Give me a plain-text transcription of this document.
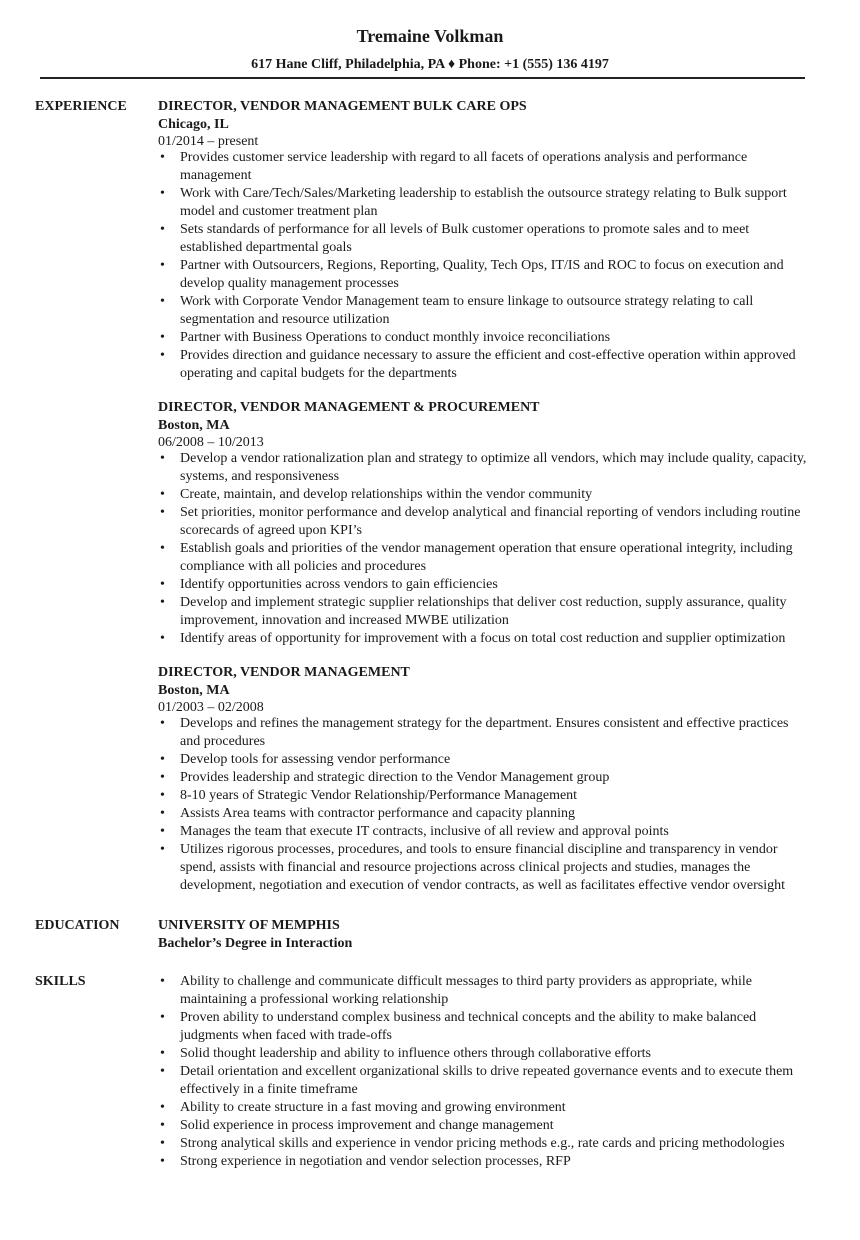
Tremaine Volkman
617 Hane Cliff, Philadelphia, PA ♦ Phone: +1 (555) 136 4197
EXPERIENCE DIRECTOR, VENDOR MANAGEMENT BULK CARE OPS
Chicago, IL
01/2014 – present
• Provides customer service leadership with regard to all facets of operations analysis and performance management
• Work with Care/Tech/Sales/Marketing leadership to establish the outsource strategy relating to Bulk support model and customer treatment plan
• Sets standards of performance for all levels of Bulk customer operations to promote sales and to meet established departmental goals
• Partner with Outsourcers, Regions, Reporting, Quality, Tech Ops, IT/IS and ROC to focus on execution and develop quality management processes
• Work with Corporate Vendor Management team to ensure linkage to outsource strategy relating to call segmentation and resource utilization
• Partner with Business Operations to conduct monthly invoice reconciliations
• Provides direction and guidance necessary to assure the efficient and cost-effective operation within approved operating and capital budgets for the departments
DIRECTOR, VENDOR MANAGEMENT & PROCUREMENT
Boston, MA
06/2008 – 10/2013
• Develop a vendor rationalization plan and strategy to optimize all vendors, which may include quality, capacity, systems, and responsiveness
• Create, maintain, and develop relationships within the vendor community
• Set priorities, monitor performance and develop analytical and financial reporting of vendors including routine scorecards of agreed upon KPI’s
• Establish goals and priorities of the vendor management operation that ensure operational integrity, including compliance with all policies and procedures
• Identify opportunities across vendors to gain efficiencies
• Develop and implement strategic supplier relationships that deliver cost reduction, supply assurance, quality improvement, innovation and increased MWBE utilization
• Identify areas of opportunity for improvement with a focus on total cost reduction and supplier optimization
DIRECTOR, VENDOR MANAGEMENT
Boston, MA
01/2003 – 02/2008
• Develops and refines the management strategy for the department. Ensures consistent and effective practices and procedures
• Develop tools for assessing vendor performance
• Provides leadership and strategic direction to the Vendor Management group
• 8-10 years of Strategic Vendor Relationship/Performance Management
• Assists Area teams with contractor performance and capacity planning
• Manages the team that execute IT contracts, inclusive of all review and approval points
• Utilizes rigorous processes, procedures, and tools to ensure financial discipline and transparency in vendor spend, assists with financial and resource projections across clinical projects and studies, manages the development, negotiation and execution of vendor contracts, as well as facilitates effective vendor oversight
EDUCATION	UNIVERSITY OF MEMPHIS
Bachelor’s Degree in Interaction
SKILLS
•	Ability to challenge and communicate difficult messages to third party providers as appropriate, while maintaining a professional working relationship
• Proven ability to understand complex business and technical concepts and the ability to make balanced judgments when faced with trade-offs
• Solid thought leadership and ability to influence others through collaborative efforts
• Detail orientation and excellent organizational skills to drive repeated governance events and to execute them effectively in a finite timeframe
• Ability to create structure in a fast moving and growing environment
• Solid experience in process improvement and change management
• Strong analytical skills and experience in vendor pricing methods e.g., rate cards and pricing methodologies
• Strong experience in negotiation and vendor selection processes, RFP
